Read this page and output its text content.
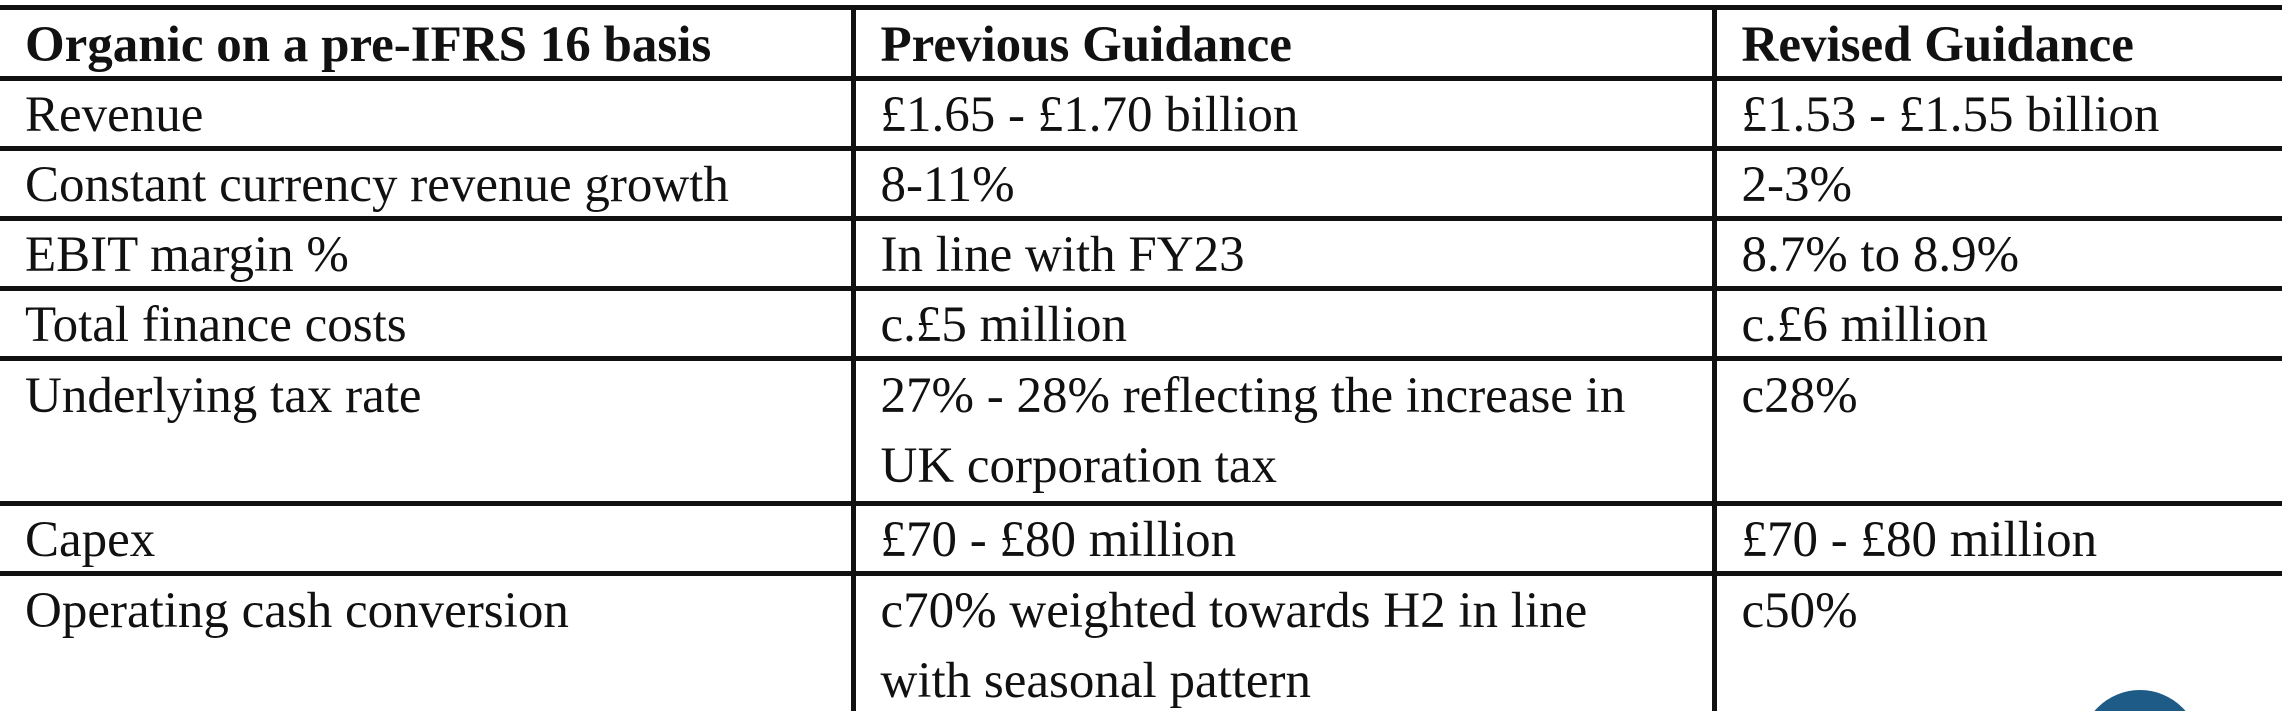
Organic on a pre-IFRS 16 basis	Previous Guidance	Revised Guidance
Revenue	£1.65 - £1.70 billion	£1.53 - £1.55 billion
Constant currency revenue growth	8-11%	2-3%
EBIT margin %	In line with FY23	8.7% to 8.9%
Total finance costs	c.£5 million	c.£6 million
Underlying tax rate	27% - 28% reflecting the increase in UK corporation tax	c28%
Capex	£70 - £80 million	£70 - £80 million
Operating cash conversion	c70% weighted towards H2 in line with seasonal pattern	c50%
